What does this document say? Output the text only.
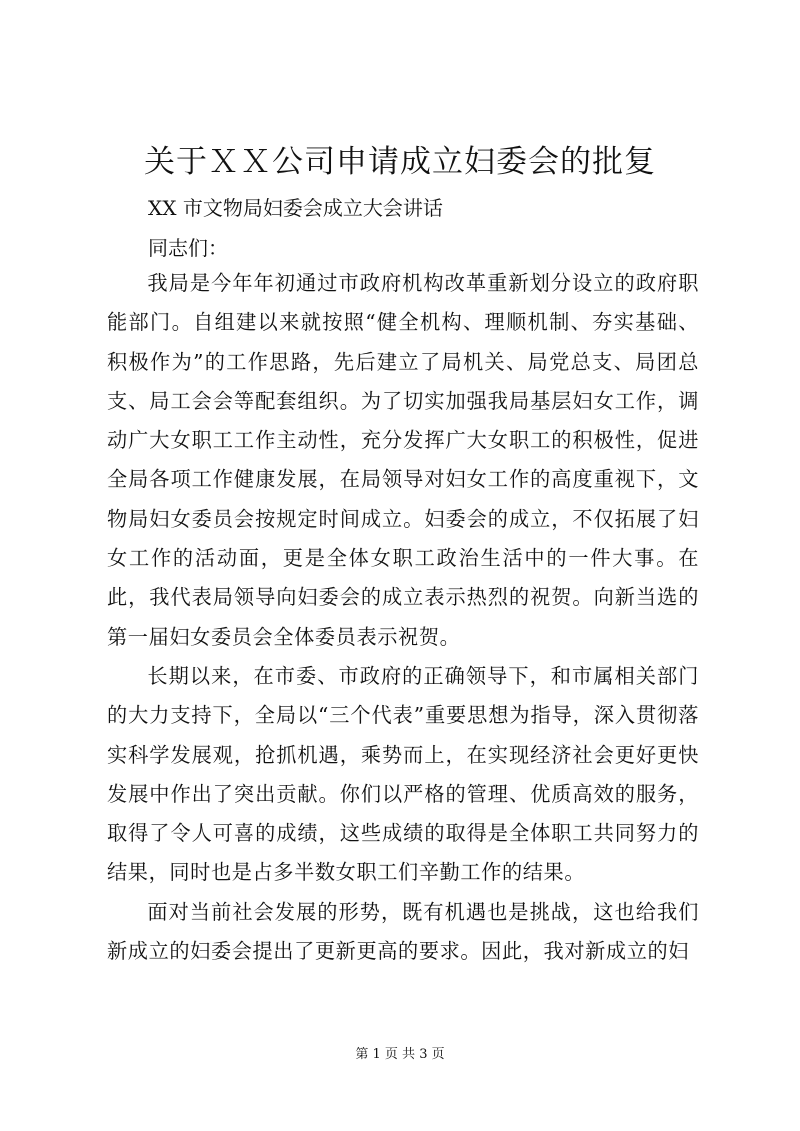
关于ＸＸ公司申请成立妇委会的批复

XX 市文物局妇委会成立大会讲话

同志们：

我局是今年年初通过市政府机构改革重新划分设立的政府职能部门。自组建以来就按照“健全机构、理顺机制、夯实基础、积极作为”的工作思路，先后建立了局机关、局党总支、局团总支、局工会会等配套组织。为了切实加强我局基层妇女工作，调动广大女职工工作主动性，充分发挥广大女职工的积极性，促进全局各项工作健康发展，在局领导对妇女工作的高度重视下，文物局妇女委员会按规定时间成立。妇委会的成立，不仅拓展了妇女工作的活动面，更是全体女职工政治生活中的一件大事。在此，我代表局领导向妇委会的成立表示热烈的祝贺。向新当选的第一届妇女委员会全体委员表示祝贺。

长期以来，在市委、市政府的正确领导下，和市属相关部门的大力支持下，全局以“三个代表”重要思想为指导，深入贯彻落实科学发展观，抢抓机遇，乘势而上，在实现经济社会更好更快发展中作出了突出贡献。你们以严格的管理、优质高效的服务，取得了令人可喜的成绩，这些成绩的取得是全体职工共同努力的结果，同时也是占多半数女职工们辛勤工作的结果。

面对当前社会发展的形势，既有机遇也是挑战，这也给我们新成立的妇委会提出了更新更高的要求。因此，我对新成立的妇

第 1 页 共 3 页
